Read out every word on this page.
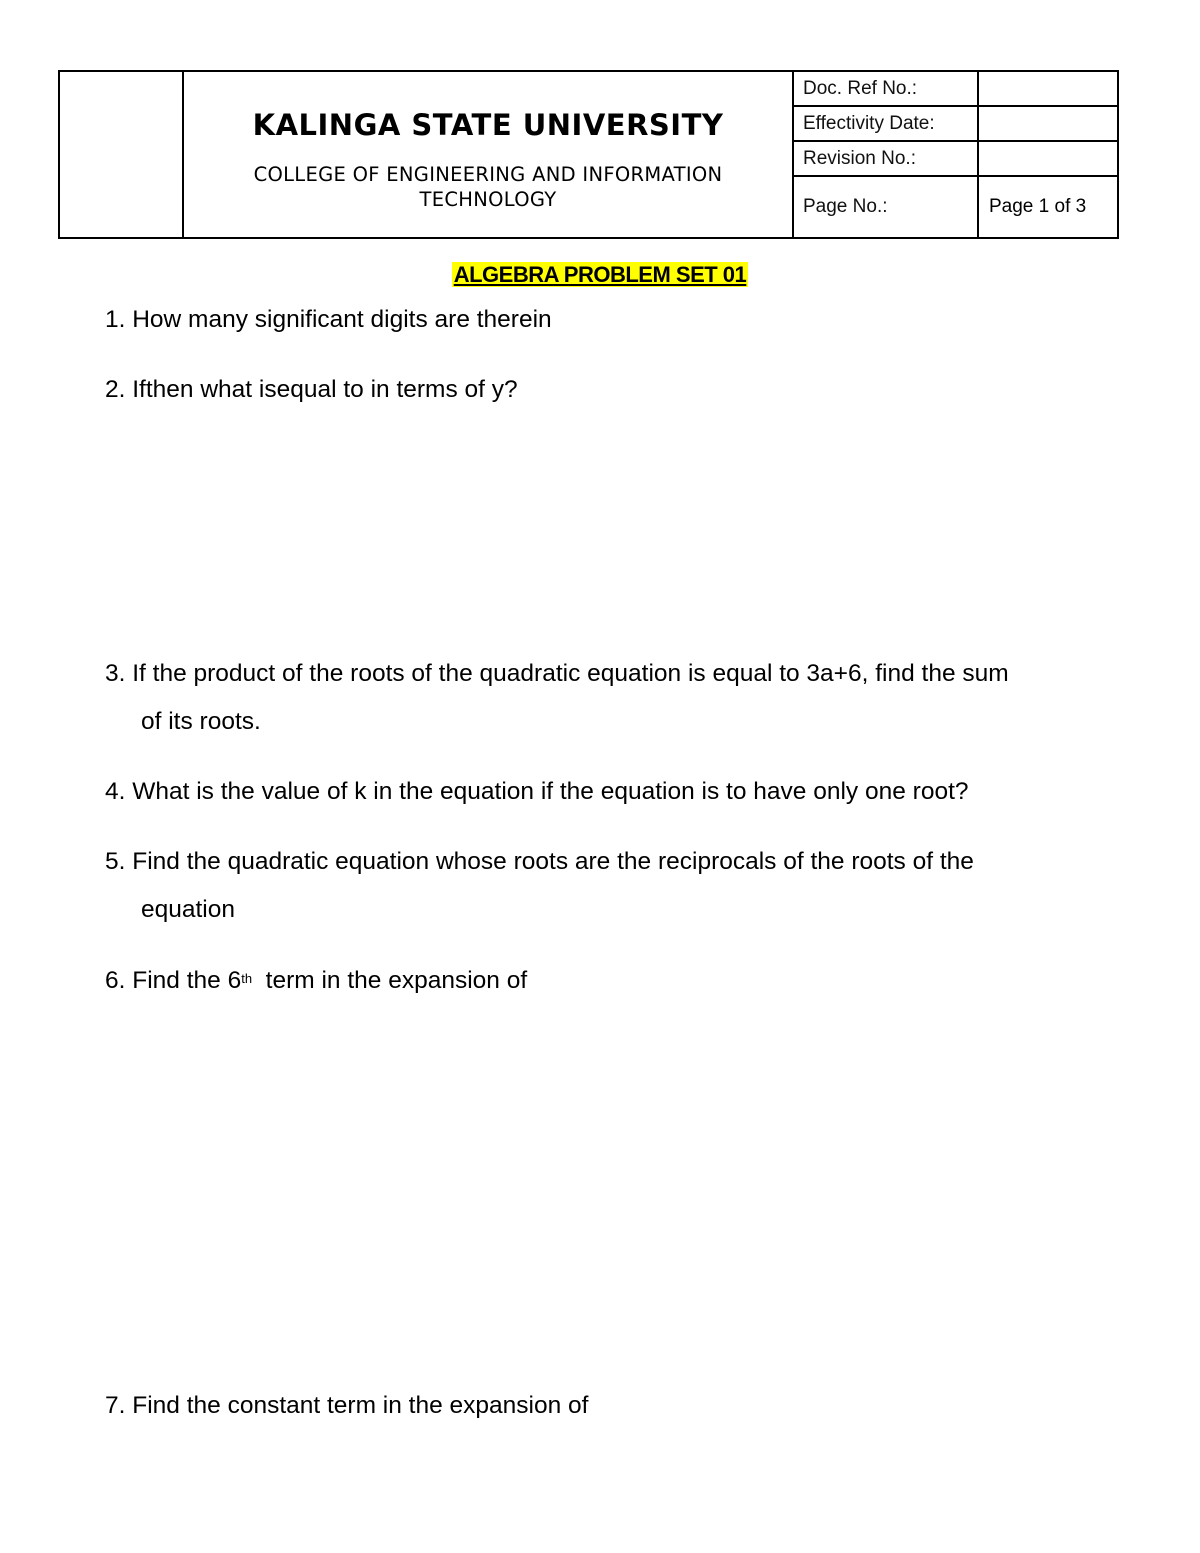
	KALINGA STATE UNIVERSITY
COLLEGE OF ENGINEERING AND INFORMATION TECHNOLOGY	Doc. Ref No.:	
		Effectivity Date:	
		Revision No.:	
		Page No.:	Page 1 of 3
ALGEBRA PROBLEM SET 01

1. How many significant digits are therein

2. Ifthen what isequal to in terms of y?

3. If the product of the roots of the quadratic equation is equal to 3a+6, find the sum
of its roots.

4. What is the value of k in the equation if the equation is to have only one root?

5. Find the quadratic equation whose roots are the reciprocals of the roots of the
equation

6. Find the 6th  term in the expansion of

7. Find the constant term in the expansion of
